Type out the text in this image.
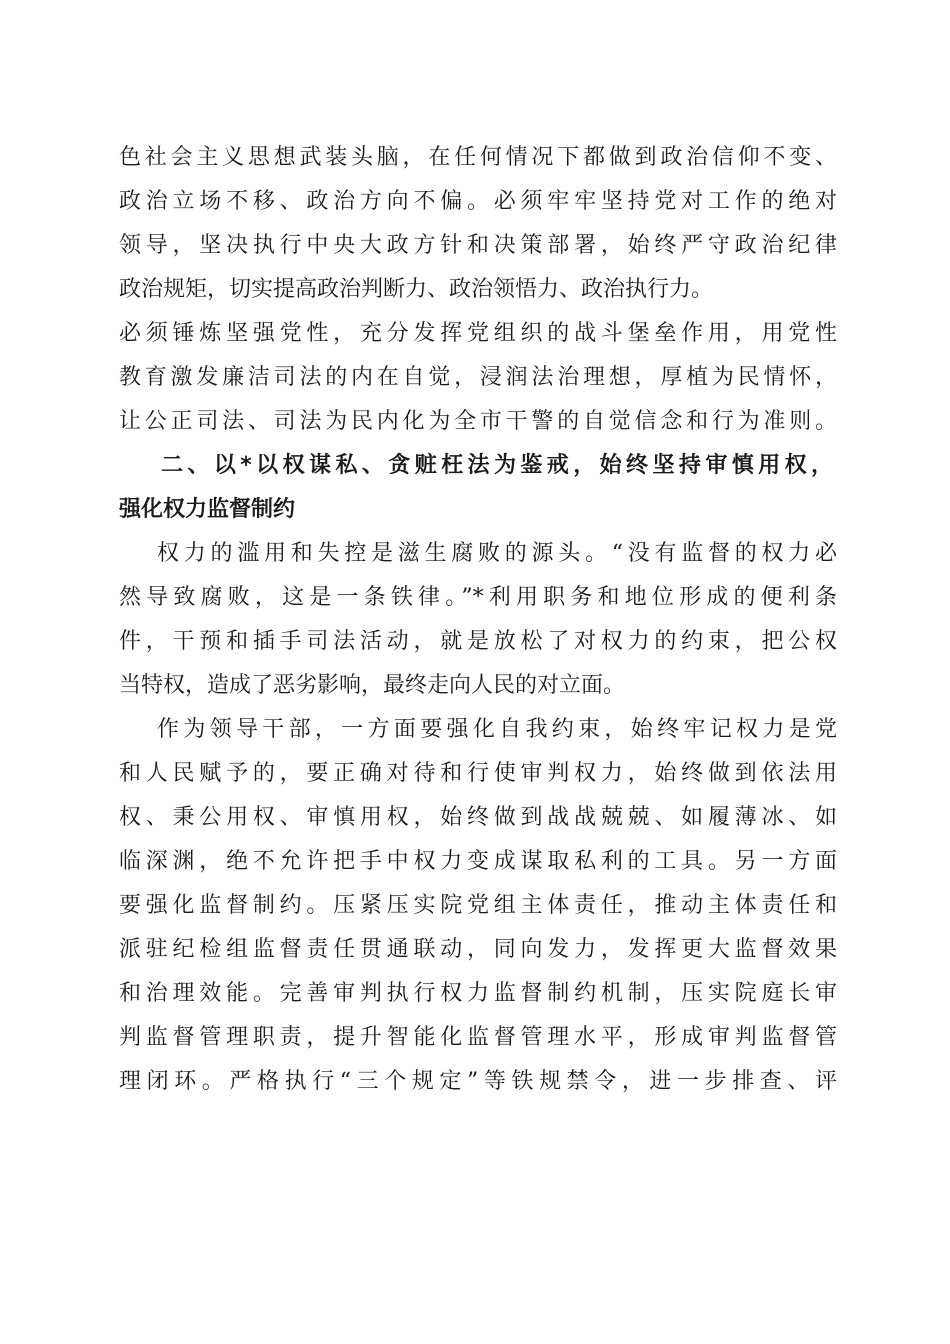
色社会主义思想武装头脑，在任何情况下都做到政治信仰不变、
政治立场不移、政治方向不偏。必须牢牢坚持党对工作的绝对
领导，坚决执行中央大政方针和决策部署，始终严守政治纪律
政治规矩，切实提高政治判断力、政治领悟力、政治执行力。
必须锤炼坚强党性，充分发挥党组织的战斗堡垒作用，用党性
教育激发廉洁司法的内在自觉，浸润法治理想，厚植为民情怀，
让公正司法、司法为民内化为全市干警的自觉信念和行为准则。
二、以*以权谋私、贪赃枉法为鉴戒，始终坚持审慎用权，
强化权力监督制约
权力的滥用和失控是滋生腐败的源头。“没有监督的权力必
然导致腐败，这是一条铁律。”*利用职务和地位形成的便利条
件，干预和插手司法活动，就是放松了对权力的约束，把公权
当特权，造成了恶劣影响，最终走向人民的对立面。
作为领导干部，一方面要强化自我约束，始终牢记权力是党
和人民赋予的，要正确对待和行使审判权力，始终做到依法用
权、秉公用权、审慎用权，始终做到战战兢兢、如履薄冰、如
临深渊，绝不允许把手中权力变成谋取私利的工具。另一方面
要强化监督制约。压紧压实院党组主体责任，推动主体责任和
派驻纪检组监督责任贯通联动，同向发力，发挥更大监督效果
和治理效能。完善审判执行权力监督制约机制，压实院庭长审
判监督管理职责，提升智能化监督管理水平，形成审判监督管
理闭环。严格执行“三个规定”等铁规禁令，进一步排查、评
